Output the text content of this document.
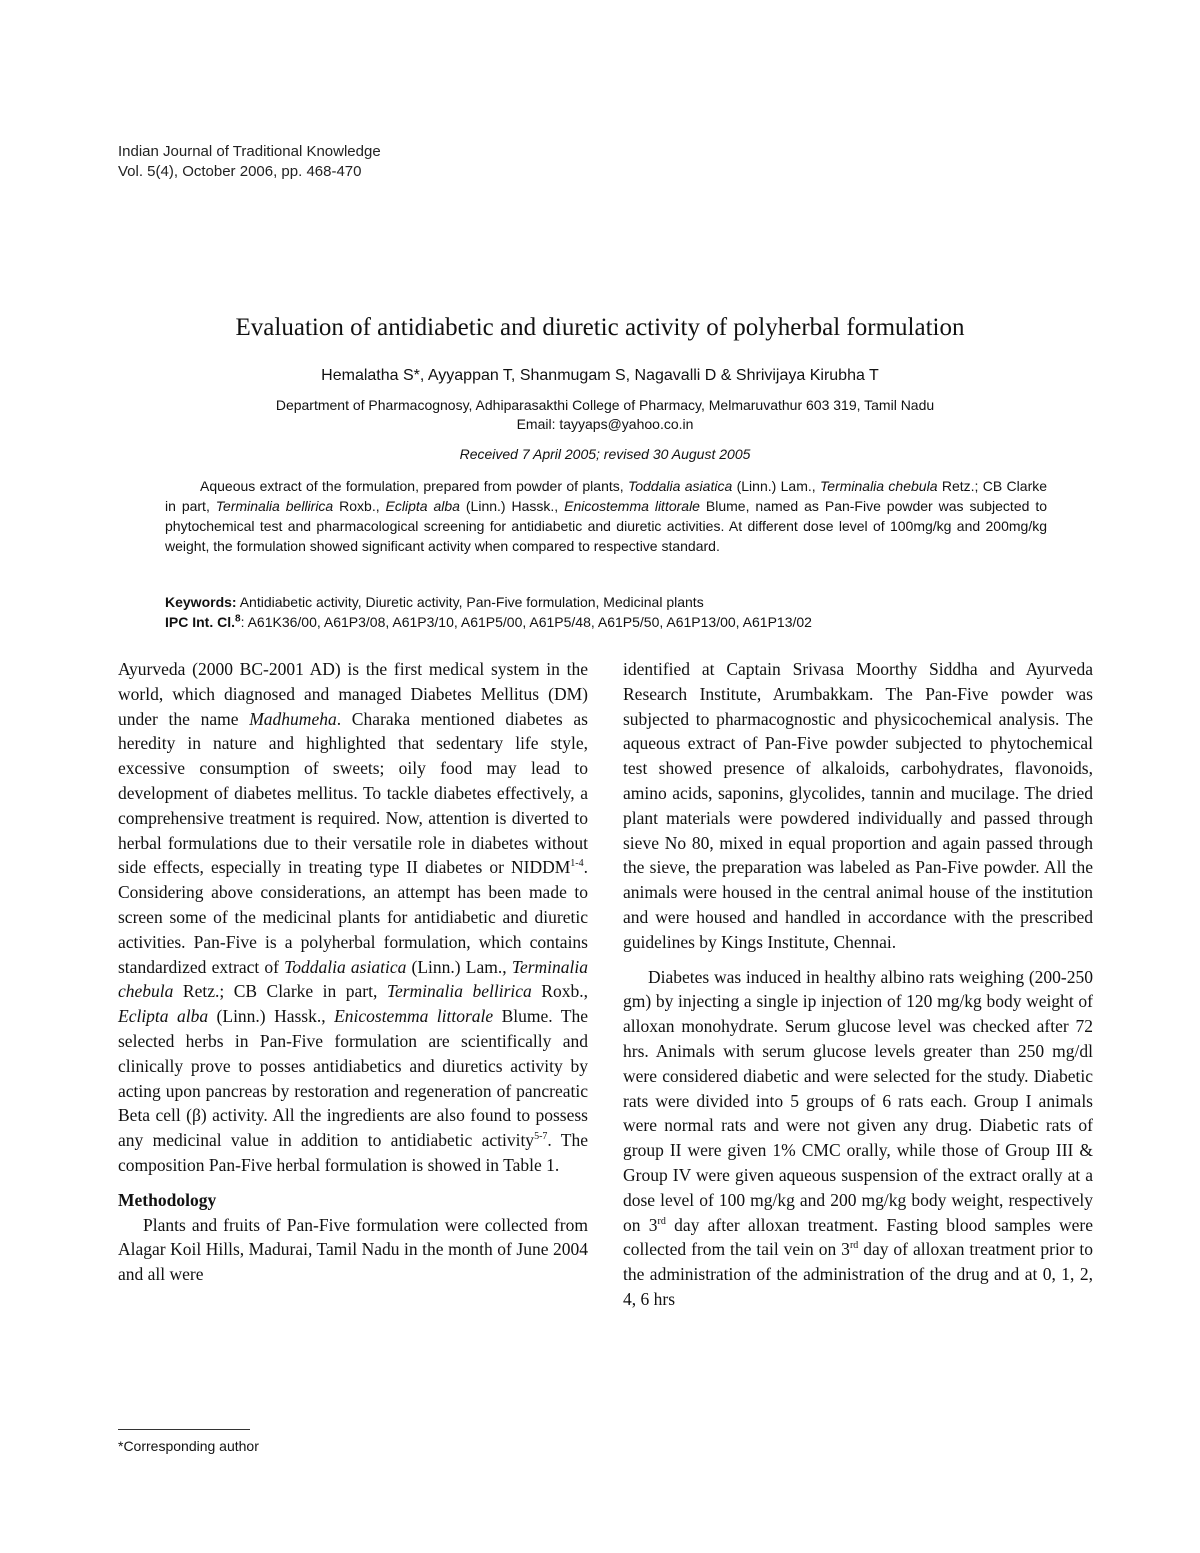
Indian Journal of Traditional Knowledge
Vol. 5(4), October 2006, pp. 468-470
Evaluation of antidiabetic and diuretic activity of polyherbal formulation
Hemalatha S*, Ayyappan T, Shanmugam S, Nagavalli D & Shrivijaya Kirubha T
Department of Pharmacognosy, Adhiparasakthi College of Pharmacy, Melmaruvathur 603 319, Tamil Nadu
Email: tayyaps@yahoo.co.in
Received 7 April 2005; revised 30 August 2005

Aqueous extract of the formulation, prepared from powder of plants, Toddalia asiatica (Linn.) Lam., Terminalia chebula Retz.; CB Clarke in part, Terminalia bellirica Roxb., Eclipta alba (Linn.) Hassk., Enicostemma littorale Blume, named as Pan-Five powder was subjected to phytochemical test and pharmacological screening for antidiabetic and diuretic activities. At different dose level of 100mg/kg and 200mg/kg weight, the formulation showed significant activity when compared to respective standard.

Keywords: Antidiabetic activity, Diuretic activity, Pan-Five formulation, Medicinal plants
IPC Int. Cl.$^8$: A61K36/00, A61P3/08, A61P3/10, A61P5/00, A61P5/48, A61P5/50, A61P13/00, A61P13/02

Ayurveda (2000 BC-2001 AD) is the first medical system in the world, which diagnosed and managed Diabetes Mellitus (DM) under the name Madhumeha. Charaka mentioned diabetes as heredity in nature and highlighted that sedentary life style, excessive consumption of sweets; oily food may lead to development of diabetes mellitus. To tackle diabetes effectively, a comprehensive treatment is required. Now, attention is diverted to herbal formulations due to their versatile role in diabetes without side effects, especially in treating type II diabetes or NIDDM$^{1-4}$. Considering above considerations, an attempt has been made to screen some of the medicinal plants for antidiabetic and diuretic activities. Pan-Five is a polyherbal formulation, which contains standardized extract of Toddalia asiatica (Linn.) Lam., Terminalia chebula Retz.; CB Clarke in part, Terminalia bellirica Roxb., Eclipta alba (Linn.) Hassk., Enicostemma littorale Blume. The selected herbs in Pan-Five formulation are scientifically and clinically prove to posses antidiabetics and diuretics activity by acting upon pancreas by restoration and regeneration of pancreatic Beta cell (β) activity. All the ingredients are also found to possess any medicinal value in addition to antidiabetic activity$^{5-7}$. The composition Pan-Five herbal formulation is showed in Table 1.

Methodology

Plants and fruits of Pan-Five formulation were collected from Alagar Koil Hills, Madurai, Tamil Nadu in the month of June 2004 and all were

identified at Captain Srivasa Moorthy Siddha and Ayurveda Research Institute, Arumbakkam. The Pan-Five powder was subjected to pharmacognostic and physicochemical analysis. The aqueous extract of Pan-Five powder subjected to phytochemical test showed presence of alkaloids, carbohydrates, flavonoids, amino acids, saponins, glycolides, tannin and mucilage. The dried plant materials were powdered individually and passed through sieve No 80, mixed in equal proportion and again passed through the sieve, the preparation was labeled as Pan-Five powder. All the animals were housed in the central animal house of the institution and were housed and handled in accordance with the prescribed guidelines by Kings Institute, Chennai.

Diabetes was induced in healthy albino rats weighing (200-250 gm) by injecting a single ip injection of 120 mg/kg body weight of alloxan monohydrate. Serum glucose level was checked after 72 hrs. Animals with serum glucose levels greater than 250 mg/dl were considered diabetic and were selected for the study. Diabetic rats were divided into 5 groups of 6 rats each. Group I animals were normal rats and were not given any drug. Diabetic rats of group II were given 1% CMC orally, while those of Group III & Group IV were given aqueous suspension of the extract orally at a dose level of 100 mg/kg and 200 mg/kg body weight, respectively on 3rd day after alloxan treatment. Fasting blood samples were collected from the tail vein on 3rd day of alloxan treatment prior to the administration of the administration of the drug and at 0, 1, 2, 4, 6 hrs

*Corresponding author
